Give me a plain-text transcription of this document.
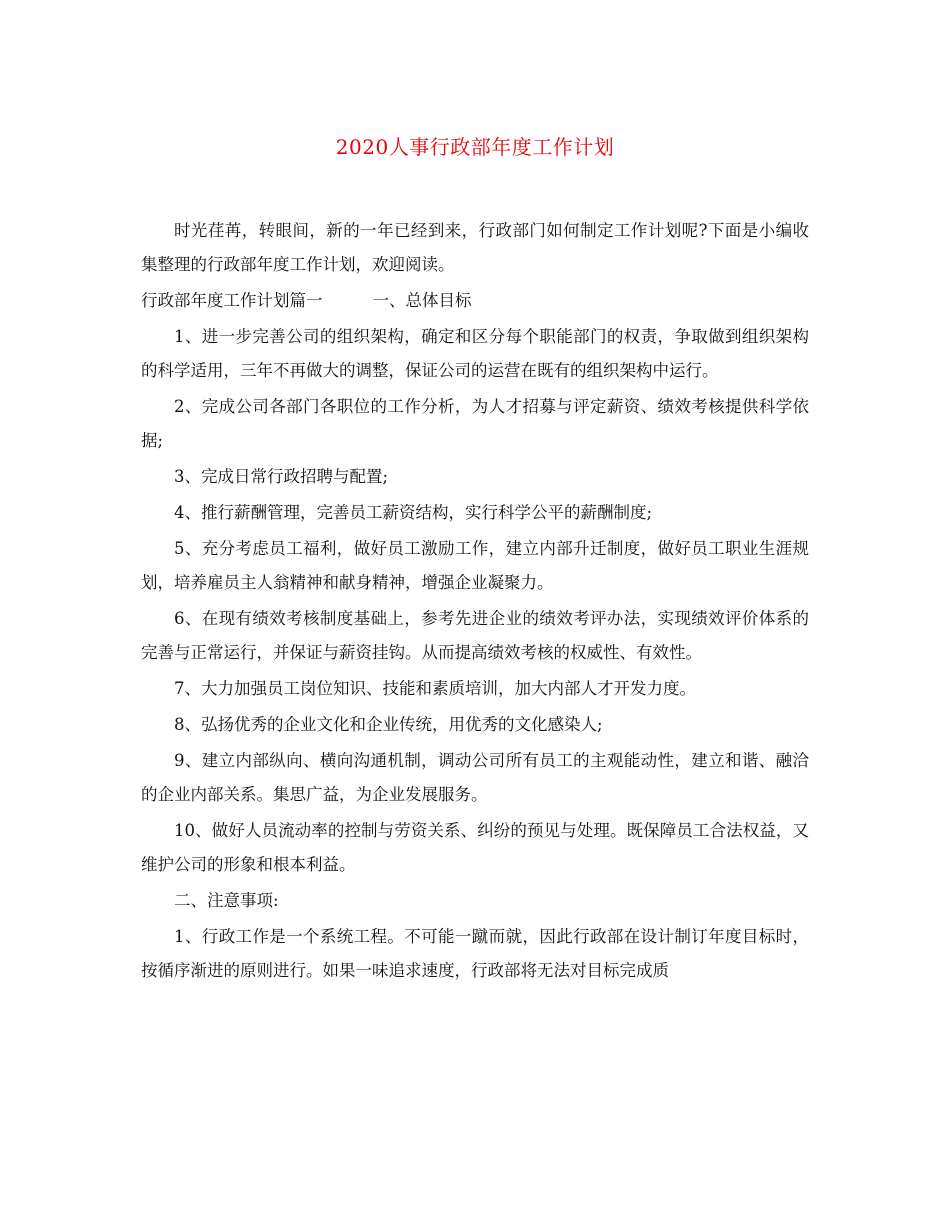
2020人事行政部年度工作计划

时光荏苒，转眼间，新的一年已经到来，行政部门如何制定工作计划呢?下面是小编收集整理的行政部年度工作计划，欢迎阅读。

行政部年度工作计划篇一	一、总体目标

1、进一步完善公司的组织架构，确定和区分每个职能部门的权责，争取做到组织架构的科学适用，三年不再做大的调整，保证公司的运营在既有的组织架构中运行。

2、完成公司各部门各职位的工作分析，为人才招募与评定薪资、绩效考核提供科学依据;

3、完成日常行政招聘与配置;

4、推行薪酬管理，完善员工薪资结构，实行科学公平的薪酬制度;

5、充分考虑员工福利，做好员工激励工作，建立内部升迁制度，做好员工职业生涯规划，培养雇员主人翁精神和献身精神，增强企业凝聚力。

6、在现有绩效考核制度基础上，参考先进企业的绩效考评办法，实现绩效评价体系的完善与正常运行，并保证与薪资挂钩。从而提高绩效考核的权威性、有效性。

7、大力加强员工岗位知识、技能和素质培训，加大内部人才开发力度。

8、弘扬优秀的企业文化和企业传统，用优秀的文化感染人;

9、建立内部纵向、横向沟通机制，调动公司所有员工的主观能动性，建立和谐、融洽的企业内部关系。集思广益，为企业发展服务。

10、做好人员流动率的控制与劳资关系、纠纷的预见与处理。既保障员工合法权益，又维护公司的形象和根本利益。

二、注意事项:

1、行政工作是一个系统工程。不可能一蹴而就，因此行政部在设计制订年度目标时，按循序渐进的原则进行。如果一味追求速度，行政部将无法对目标完成质
